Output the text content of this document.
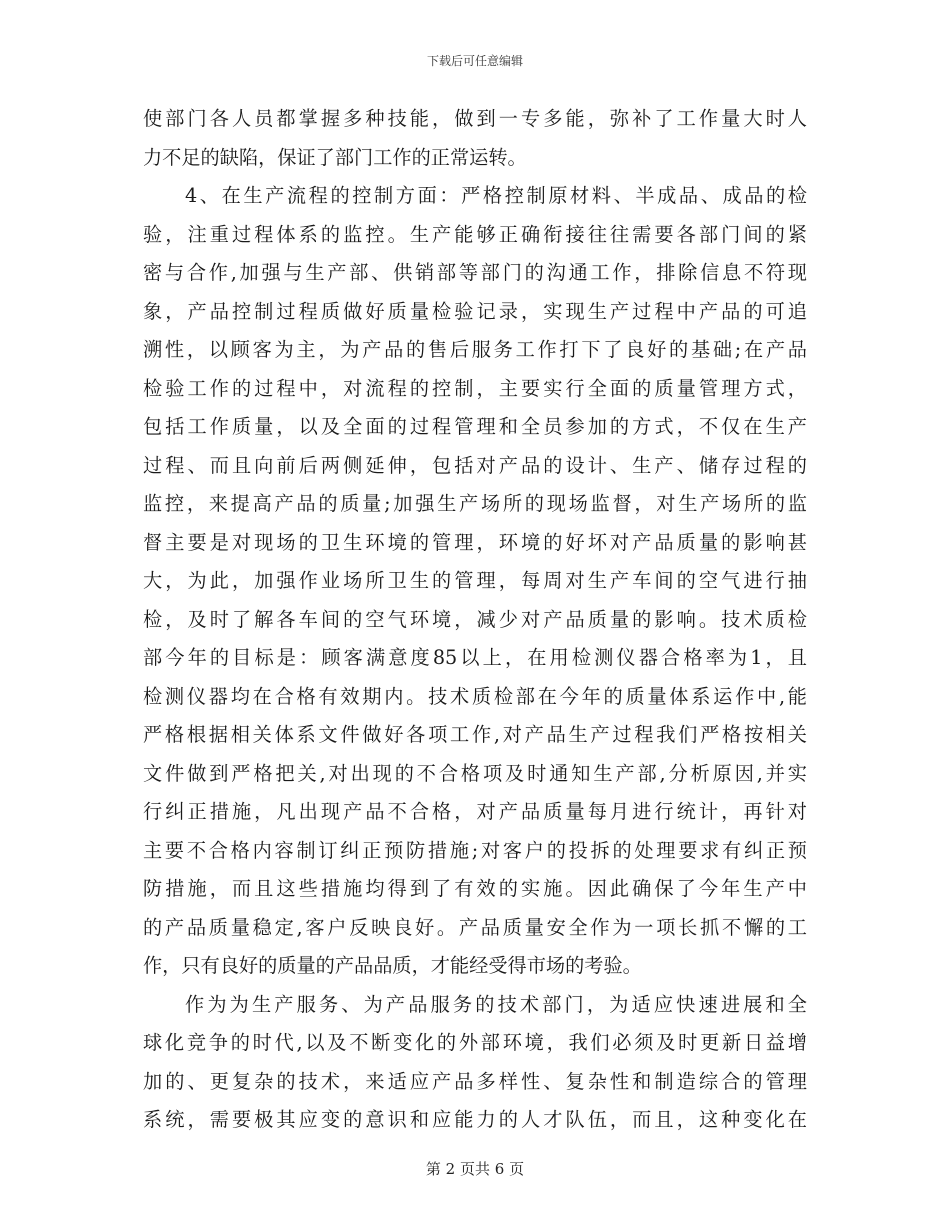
下载后可任意编辑
使部门各人员都掌握多种技能，做到一专多能，弥补了工作量大时人
力不足的缺陷，保证了部门工作的正常运转。
4、在生产流程的控制方面：严格控制原材料、半成品、成品的检
验，注重过程体系的监控。生产能够正确衔接往往需要各部门间的紧
密与合作,加强与生产部、供销部等部门的沟通工作，排除信息不符现
象，产品控制过程质做好质量检验记录，实现生产过程中产品的可追
溯性，以顾客为主，为产品的售后服务工作打下了良好的基础;在产品
检验工作的过程中，对流程的控制，主要实行全面的质量管理方式，
包括工作质量，以及全面的过程管理和全员参加的方式，不仅在生产
过程、而且向前后两侧延伸，包括对产品的设计、生产、储存过程的
监控，来提高产品的质量;加强生产场所的现场监督，对生产场所的监
督主要是对现场的卫生环境的管理，环境的好坏对产品质量的影响甚
大，为此，加强作业场所卫生的管理，每周对生产车间的空气进行抽
检，及时了解各车间的空气环境，减少对产品质量的影响。技术质检
部今年的目标是：顾客满意度85以上，在用检测仪器合格率为1，且
检测仪器均在合格有效期内。技术质检部在今年的质量体系运作中,能
严格根据相关体系文件做好各项工作,对产品生产过程我们严格按相关
文件做到严格把关,对出现的不合格项及时通知生产部,分析原因,并实
行纠正措施，凡出现产品不合格，对产品质量每月进行统计，再针对
主要不合格内容制订纠正预防措施;对客户的投拆的处理要求有纠正预
防措施，而且这些措施均得到了有效的实施。因此确保了今年生产中
的产品质量稳定,客户反映良好。产品质量安全作为一项长抓不懈的工
作，只有良好的质量的产品品质，才能经受得市场的考验。
作为为生产服务、为产品服务的技术部门，为适应快速进展和全
球化竞争的时代,以及不断变化的外部环境，我们必须及时更新日益增
加的、更复杂的技术，来适应产品多样性、复杂性和制造综合的管理
系统，需要极其应变的意识和应能力的人才队伍，而且，这种变化在
第 2 页共 6 页
